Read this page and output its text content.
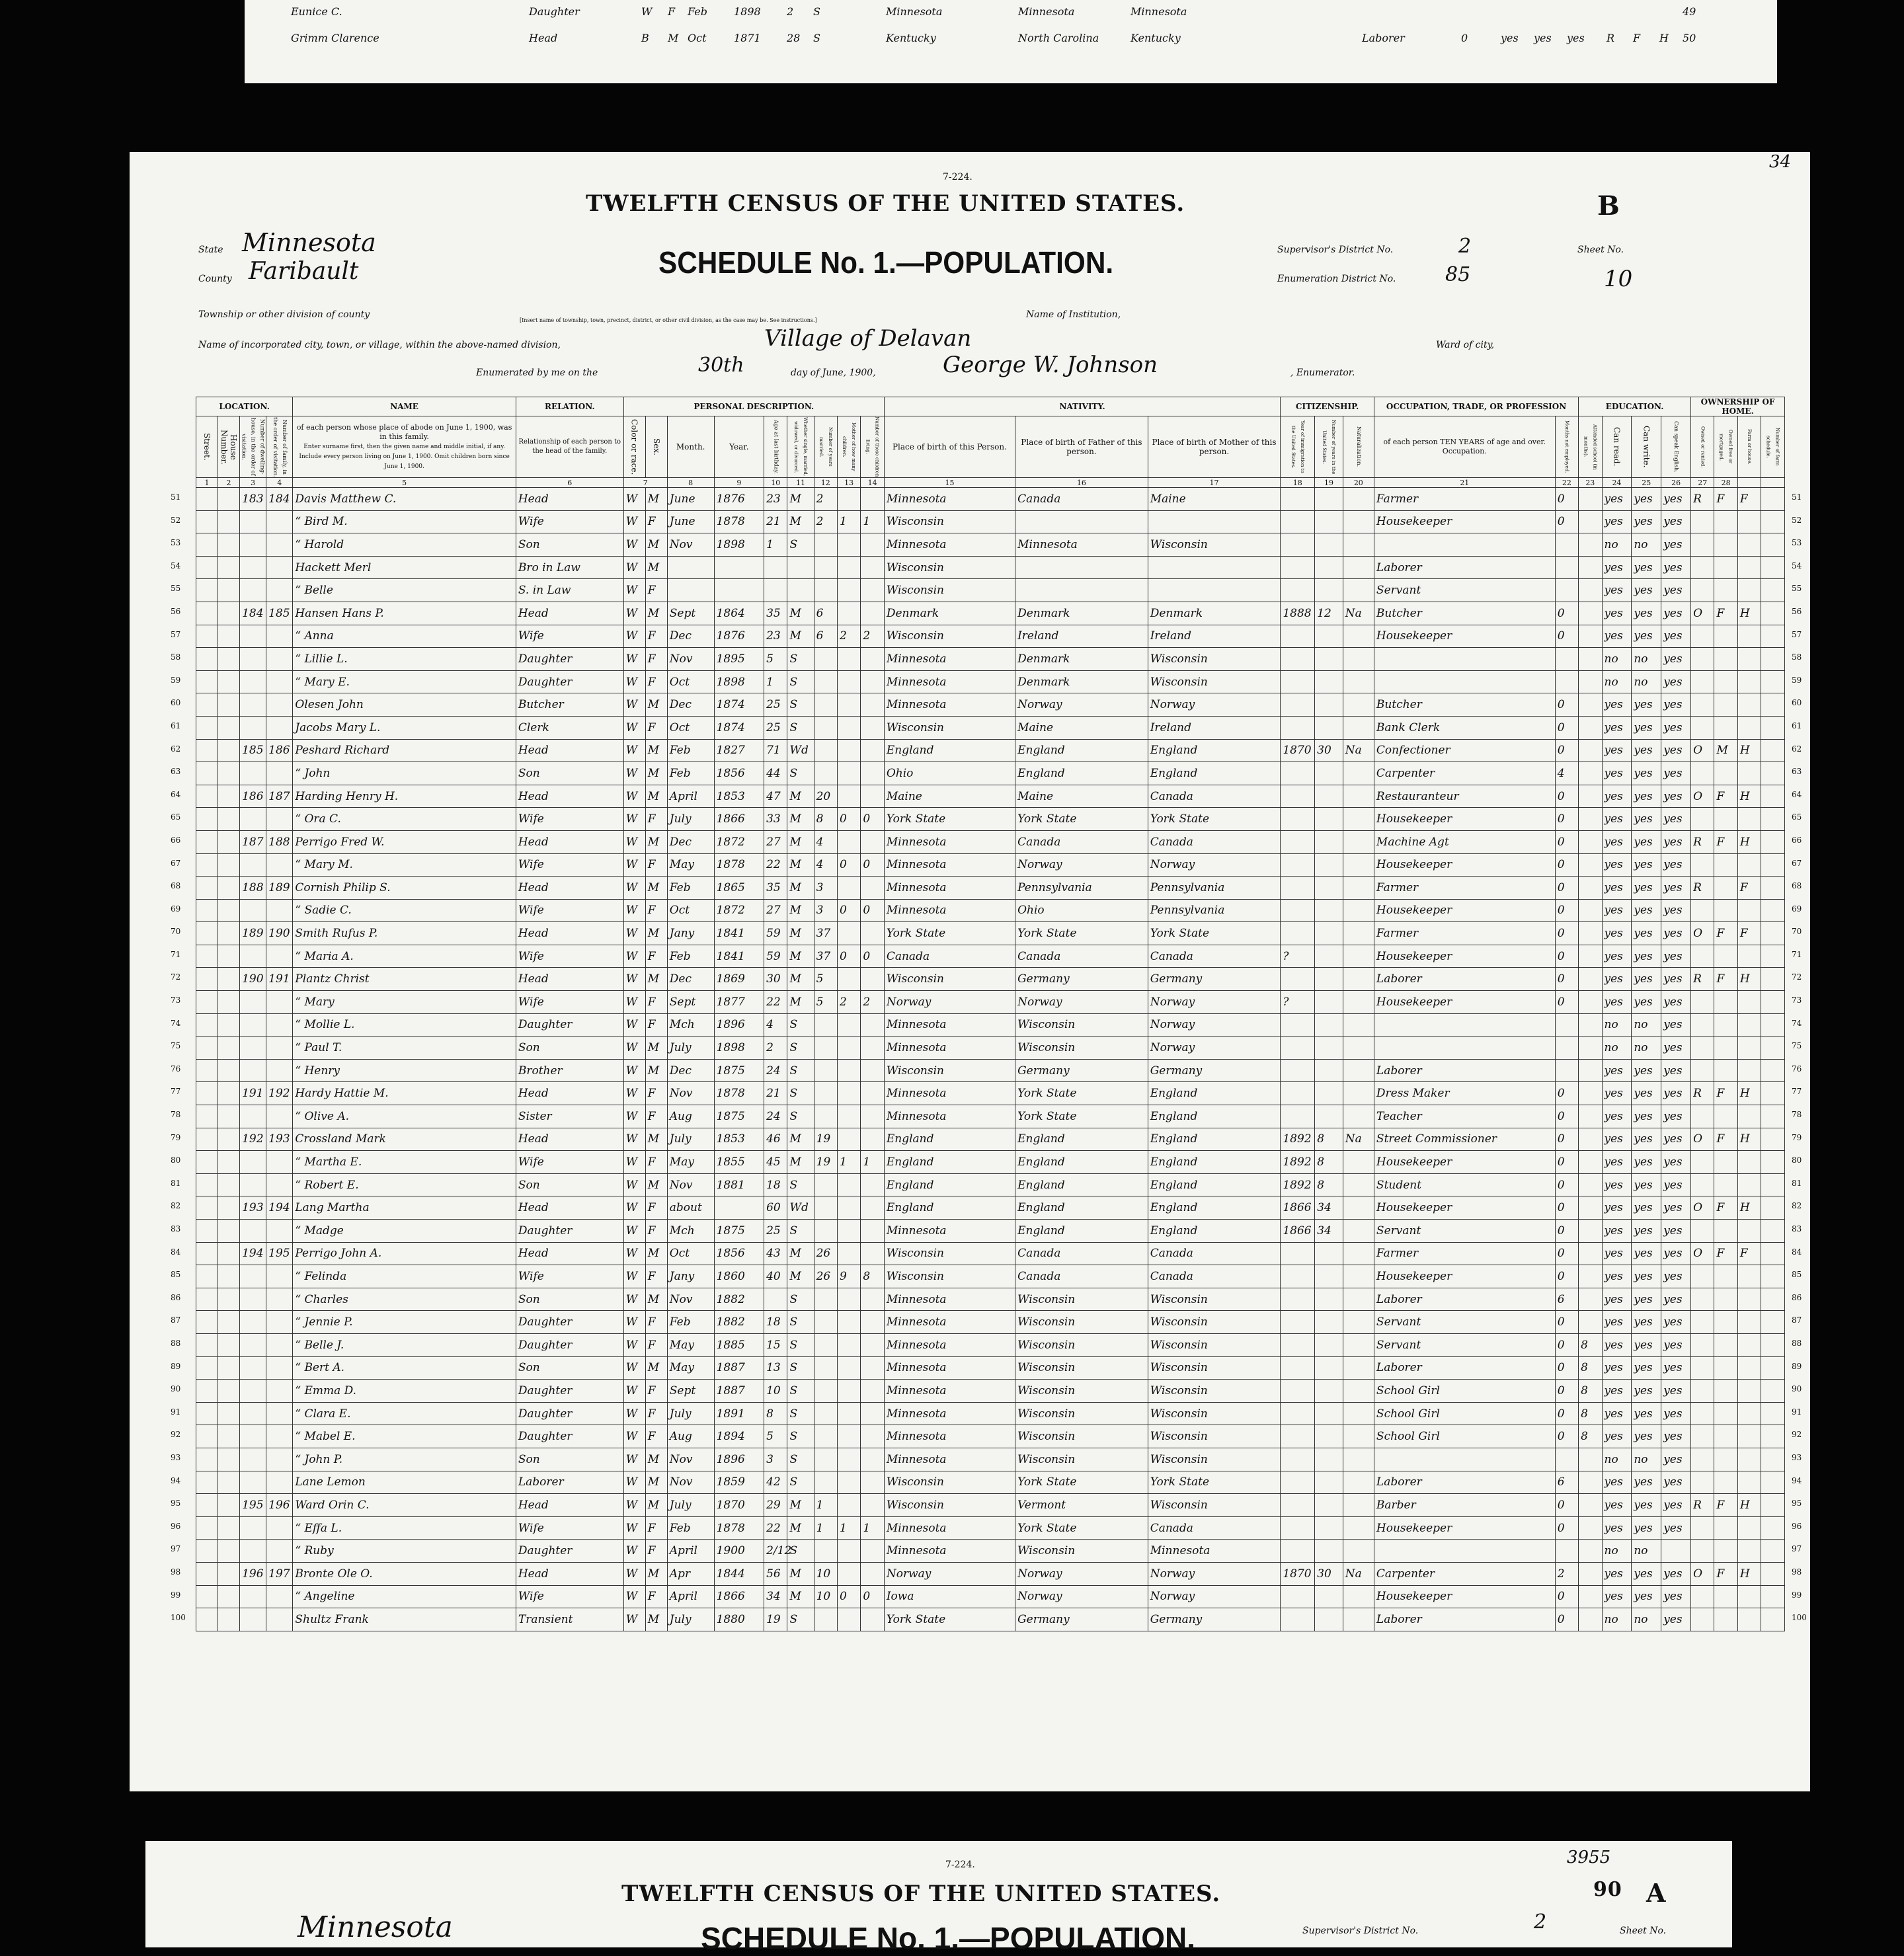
49
Eunice C.	Daughter	W F Feb	1898 2 S	Minnesota	Minnesota	Minnesota
50
Grimm Clarence	Head	B M Oct	1871 28 S	Kentucky	North Carolina	Kentucky	Laborer	0	yes yes yes R F H
7-224.
34
TWELFTH CENSUS OF THE UNITED STATES.	B
State Minnesota
County Faribault	SCHEDULE No. 1.—POPULATION.	Supervisor's District No.	2
Enumeration District No. 85
Sheet No.
10
Township or other division of county
[Insert name of township, town, precinct, district, or other civil division, as the case may be. See instructions.]
Name of Institution,
Name of incorporated city, town, or village, within the above-named division,	Village of Delavan	Ward of city,
Enumerated by me on the	30th	day of June, 1900,	George W. Johnson	, Enumerator.
LOCATION.				NAME	RELATION.	PERSONAL DESCRIPTION.									NATIVITY.			CITIZENSHIP.			OCCUPATION, TRADE, OR PROFESSION		EDUCATION.				OWNERSHIP OF HOME.			
Street.	House Number.	Number of dwelling-house, in the order of visitation.	Number of family, in the order of visitation.	of each person whose place of abode on June 1, 1900, was in this family.
Enter surname first, then the given name and middle initial, if any. Include every person living on June 1, 1900. Omit children born since June 1, 1900.	Relationship of each person to the head of the family.	Color or race.	Sex.	Month.	Year.	Age at last birthday.	Whether single, married, widowed, or divorced.	Number of years married.	Mother of how many children.	Number of these children living.	Place of birth of this Person.	Place of birth of Father of this person.	Place of birth of Mother of this person.	Year of immigration to the United States.	Number of years in the United States.	Naturalization.	of each person TEN YEARS of age and over.
Occupation.	Months not employed.	Attended school (in months).	Can read.	Can write.	Can speak English.	Owned or rented.	Owned free or mortgaged.	Farm or house.	Number of farm schedule.
1	2	3	4	5	6	7		8	9	10	11	12	13	14	15	16	17	18	19	20	21	22	23	24	25	26	27	28		
		183	184	Davis Matthew C.	Head	W	M	June	1876	23	M	2			Minnesota	Canada	Maine				Farmer	0		yes	yes	yes	R	F	F	
				“ Bird M.	Wife	W	F	June	1878	21	M	2	1	1	Wisconsin						Housekeeper	0		yes	yes	yes				
				“ Harold	Son	W	M	Nov	1898	1	S				Minnesota	Minnesota	Wisconsin							no	no	yes				
				Hackett Merl	Bro in Law	W	M								Wisconsin						Laborer			yes	yes	yes				
				“ Belle	S. in Law	W	F								Wisconsin						Servant			yes	yes	yes				
		184	185	Hansen Hans P.	Head	W	M	Sept	1864	35	M	6			Denmark	Denmark	Denmark	1888	12	Na	Butcher	0		yes	yes	yes	O	F	H	
				“ Anna	Wife	W	F	Dec	1876	23	M	6	2	2	Wisconsin	Ireland	Ireland				Housekeeper	0		yes	yes	yes				
				“ Lillie L.	Daughter	W	F	Nov	1895	5	S				Minnesota	Denmark	Wisconsin							no	no	yes				
				“ Mary E.	Daughter	W	F	Oct	1898	1	S				Minnesota	Denmark	Wisconsin							no	no	yes				
				Olesen John	Butcher	W	M	Dec	1874	25	S				Minnesota	Norway	Norway				Butcher	0		yes	yes	yes				
				Jacobs Mary L.	Clerk	W	F	Oct	1874	25	S				Wisconsin	Maine	Ireland				Bank Clerk	0		yes	yes	yes				
		185	186	Peshard Richard	Head	W	M	Feb	1827	71	Wd				England	England	England	1870	30	Na	Confectioner	0		yes	yes	yes	O	M	H	
				“ John	Son	W	M	Feb	1856	44	S				Ohio	England	England				Carpenter	4		yes	yes	yes				
		186	187	Harding Henry H.	Head	W	M	April	1853	47	M	20			Maine	Maine	Canada				Restauranteur	0		yes	yes	yes	O	F	H	
				“ Ora C.	Wife	W	F	July	1866	33	M	8	0	0	York State	York State	York State				Housekeeper	0		yes	yes	yes				
		187	188	Perrigo Fred W.	Head	W	M	Dec	1872	27	M	4			Minnesota	Canada	Canada				Machine Agt	0		yes	yes	yes	R	F	H	
				“ Mary M.	Wife	W	F	May	1878	22	M	4	0	0	Minnesota	Norway	Norway				Housekeeper	0		yes	yes	yes				
		188	189	Cornish Philip S.	Head	W	M	Feb	1865	35	M	3			Minnesota	Pennsylvania	Pennsylvania				Farmer	0		yes	yes	yes	R		F	
				“ Sadie C.	Wife	W	F	Oct	1872	27	M	3	0	0	Minnesota	Ohio	Pennsylvania				Housekeeper	0		yes	yes	yes				
		189	190	Smith Rufus P.	Head	W	M	Jany	1841	59	M	37			York State	York State	York State				Farmer	0		yes	yes	yes	O	F	F	
				“ Maria A.	Wife	W	F	Feb	1841	59	M	37	0	0	Canada	Canada	Canada	?			Housekeeper	0		yes	yes	yes				
		190	191	Plantz Christ	Head	W	M	Dec	1869	30	M	5			Wisconsin	Germany	Germany				Laborer	0		yes	yes	yes	R	F	H	
				“ Mary	Wife	W	F	Sept	1877	22	M	5	2	2	Norway	Norway	Norway	?			Housekeeper	0		yes	yes	yes				
				“ Mollie L.	Daughter	W	F	Mch	1896	4	S				Minnesota	Wisconsin	Norway							no	no	yes				
				“ Paul T.	Son	W	M	July	1898	2	S				Minnesota	Wisconsin	Norway							no	no	yes				
				“ Henry	Brother	W	M	Dec	1875	24	S				Wisconsin	Germany	Germany				Laborer			yes	yes	yes				
		191	192	Hardy Hattie M.	Head	W	F	Nov	1878	21	S				Minnesota	York State	England				Dress Maker	0		yes	yes	yes	R	F	H	
				“ Olive A.	Sister	W	F	Aug	1875	24	S				Minnesota	York State	England				Teacher	0		yes	yes	yes				
		192	193	Crossland Mark	Head	W	M	July	1853	46	M	19			England	England	England	1892	8	Na	Street Commissioner	0		yes	yes	yes	O	F	H	
				“ Martha E.	Wife	W	F	May	1855	45	M	19	1	1	England	England	England	1892	8		Housekeeper	0		yes	yes	yes				
				“ Robert E.	Son	W	M	Nov	1881	18	S				England	England	England	1892	8		Student	0		yes	yes	yes				
		193	194	Lang Martha	Head	W	F	about		60	Wd				England	England	England	1866	34		Housekeeper	0		yes	yes	yes	O	F	H	
				“ Madge	Daughter	W	F	Mch	1875	25	S				Minnesota	England	England	1866	34		Servant	0		yes	yes	yes				
		194	195	Perrigo John A.	Head	W	M	Oct	1856	43	M	26			Wisconsin	Canada	Canada				Farmer	0		yes	yes	yes	O	F	F	
				“ Felinda	Wife	W	F	Jany	1860	40	M	26	9	8	Wisconsin	Canada	Canada				Housekeeper	0		yes	yes	yes				
				“ Charles	Son	W	M	Nov	1882		S				Minnesota	Wisconsin	Wisconsin				Laborer	6		yes	yes	yes				
				“ Jennie P.	Daughter	W	F	Feb	1882	18	S				Minnesota	Wisconsin	Wisconsin				Servant	0		yes	yes	yes				
				“ Belle J.	Daughter	W	F	May	1885	15	S				Minnesota	Wisconsin	Wisconsin				Servant	0	8	yes	yes	yes				
				“ Bert A.	Son	W	M	May	1887	13	S				Minnesota	Wisconsin	Wisconsin				Laborer	0	8	yes	yes	yes				
				“ Emma D.	Daughter	W	F	Sept	1887	10	S				Minnesota	Wisconsin	Wisconsin				School Girl	0	8	yes	yes	yes				
				“ Clara E.	Daughter	W	F	July	1891	8	S				Minnesota	Wisconsin	Wisconsin				School Girl	0	8	yes	yes	yes				
				“ Mabel E.	Daughter	W	F	Aug	1894	5	S				Minnesota	Wisconsin	Wisconsin				School Girl	0	8	yes	yes	yes				
				“ John P.	Son	W	M	Nov	1896	3	S				Minnesota	Wisconsin	Wisconsin							no	no	yes				
				Lane Lemon	Laborer	W	M	Nov	1859	42	S				Wisconsin	York State	York State				Laborer	6		yes	yes	yes				
		195	196	Ward Orin C.	Head	W	M	July	1870	29	M	1			Wisconsin	Vermont	Wisconsin				Barber	0		yes	yes	yes	R	F	H	
				“ Effa L.	Wife	W	F	Feb	1878	22	M	1	1	1	Minnesota	York State	Canada				Housekeeper	0		yes	yes	yes				
				“ Ruby	Daughter	W	F	April	1900	2/12	S				Minnesota	Wisconsin	Minnesota							no	no					
		196	197	Bronte Ole O.	Head	W	M	Apr	1844	56	M	10			Norway	Norway	Norway	1870	30	Na	Carpenter	2		yes	yes	yes	O	F	H	
				“ Angeline	Wife	W	F	April	1866	34	M	10	0	0	Iowa	Norway	Norway				Housekeeper	0		yes	yes	yes				
				Shultz Frank	Transient	W	M	July	1880	19	S				York State	Germany	Germany				Laborer	0		no	no	yes				
51	51
52	52
53	53
54	54
55	55
56	56
57	57
58	58
59	59
60	60
61	61
62	62
63	63
64	64
65	65
66	66
67	67
68	68
69	69
70	70
71	71
72	72
73	73
74	74
75	75
76	76
77	77
78	78
79	79
80	80
81	81
82	82
83	83
84	84
85	85
86	86
87	87
88	88
89	89
90	90
91	91
92	92
93	93
94	94
95	95
96	96
97	97
98	98
99	99
100	100
7-224.	3955
TWELFTH CENSUS OF THE UNITED STATES.	90 A
Minnesota	SCHEDULE No. 1.—POPULATION.	Supervisor's District No.	2	Sheet No.
